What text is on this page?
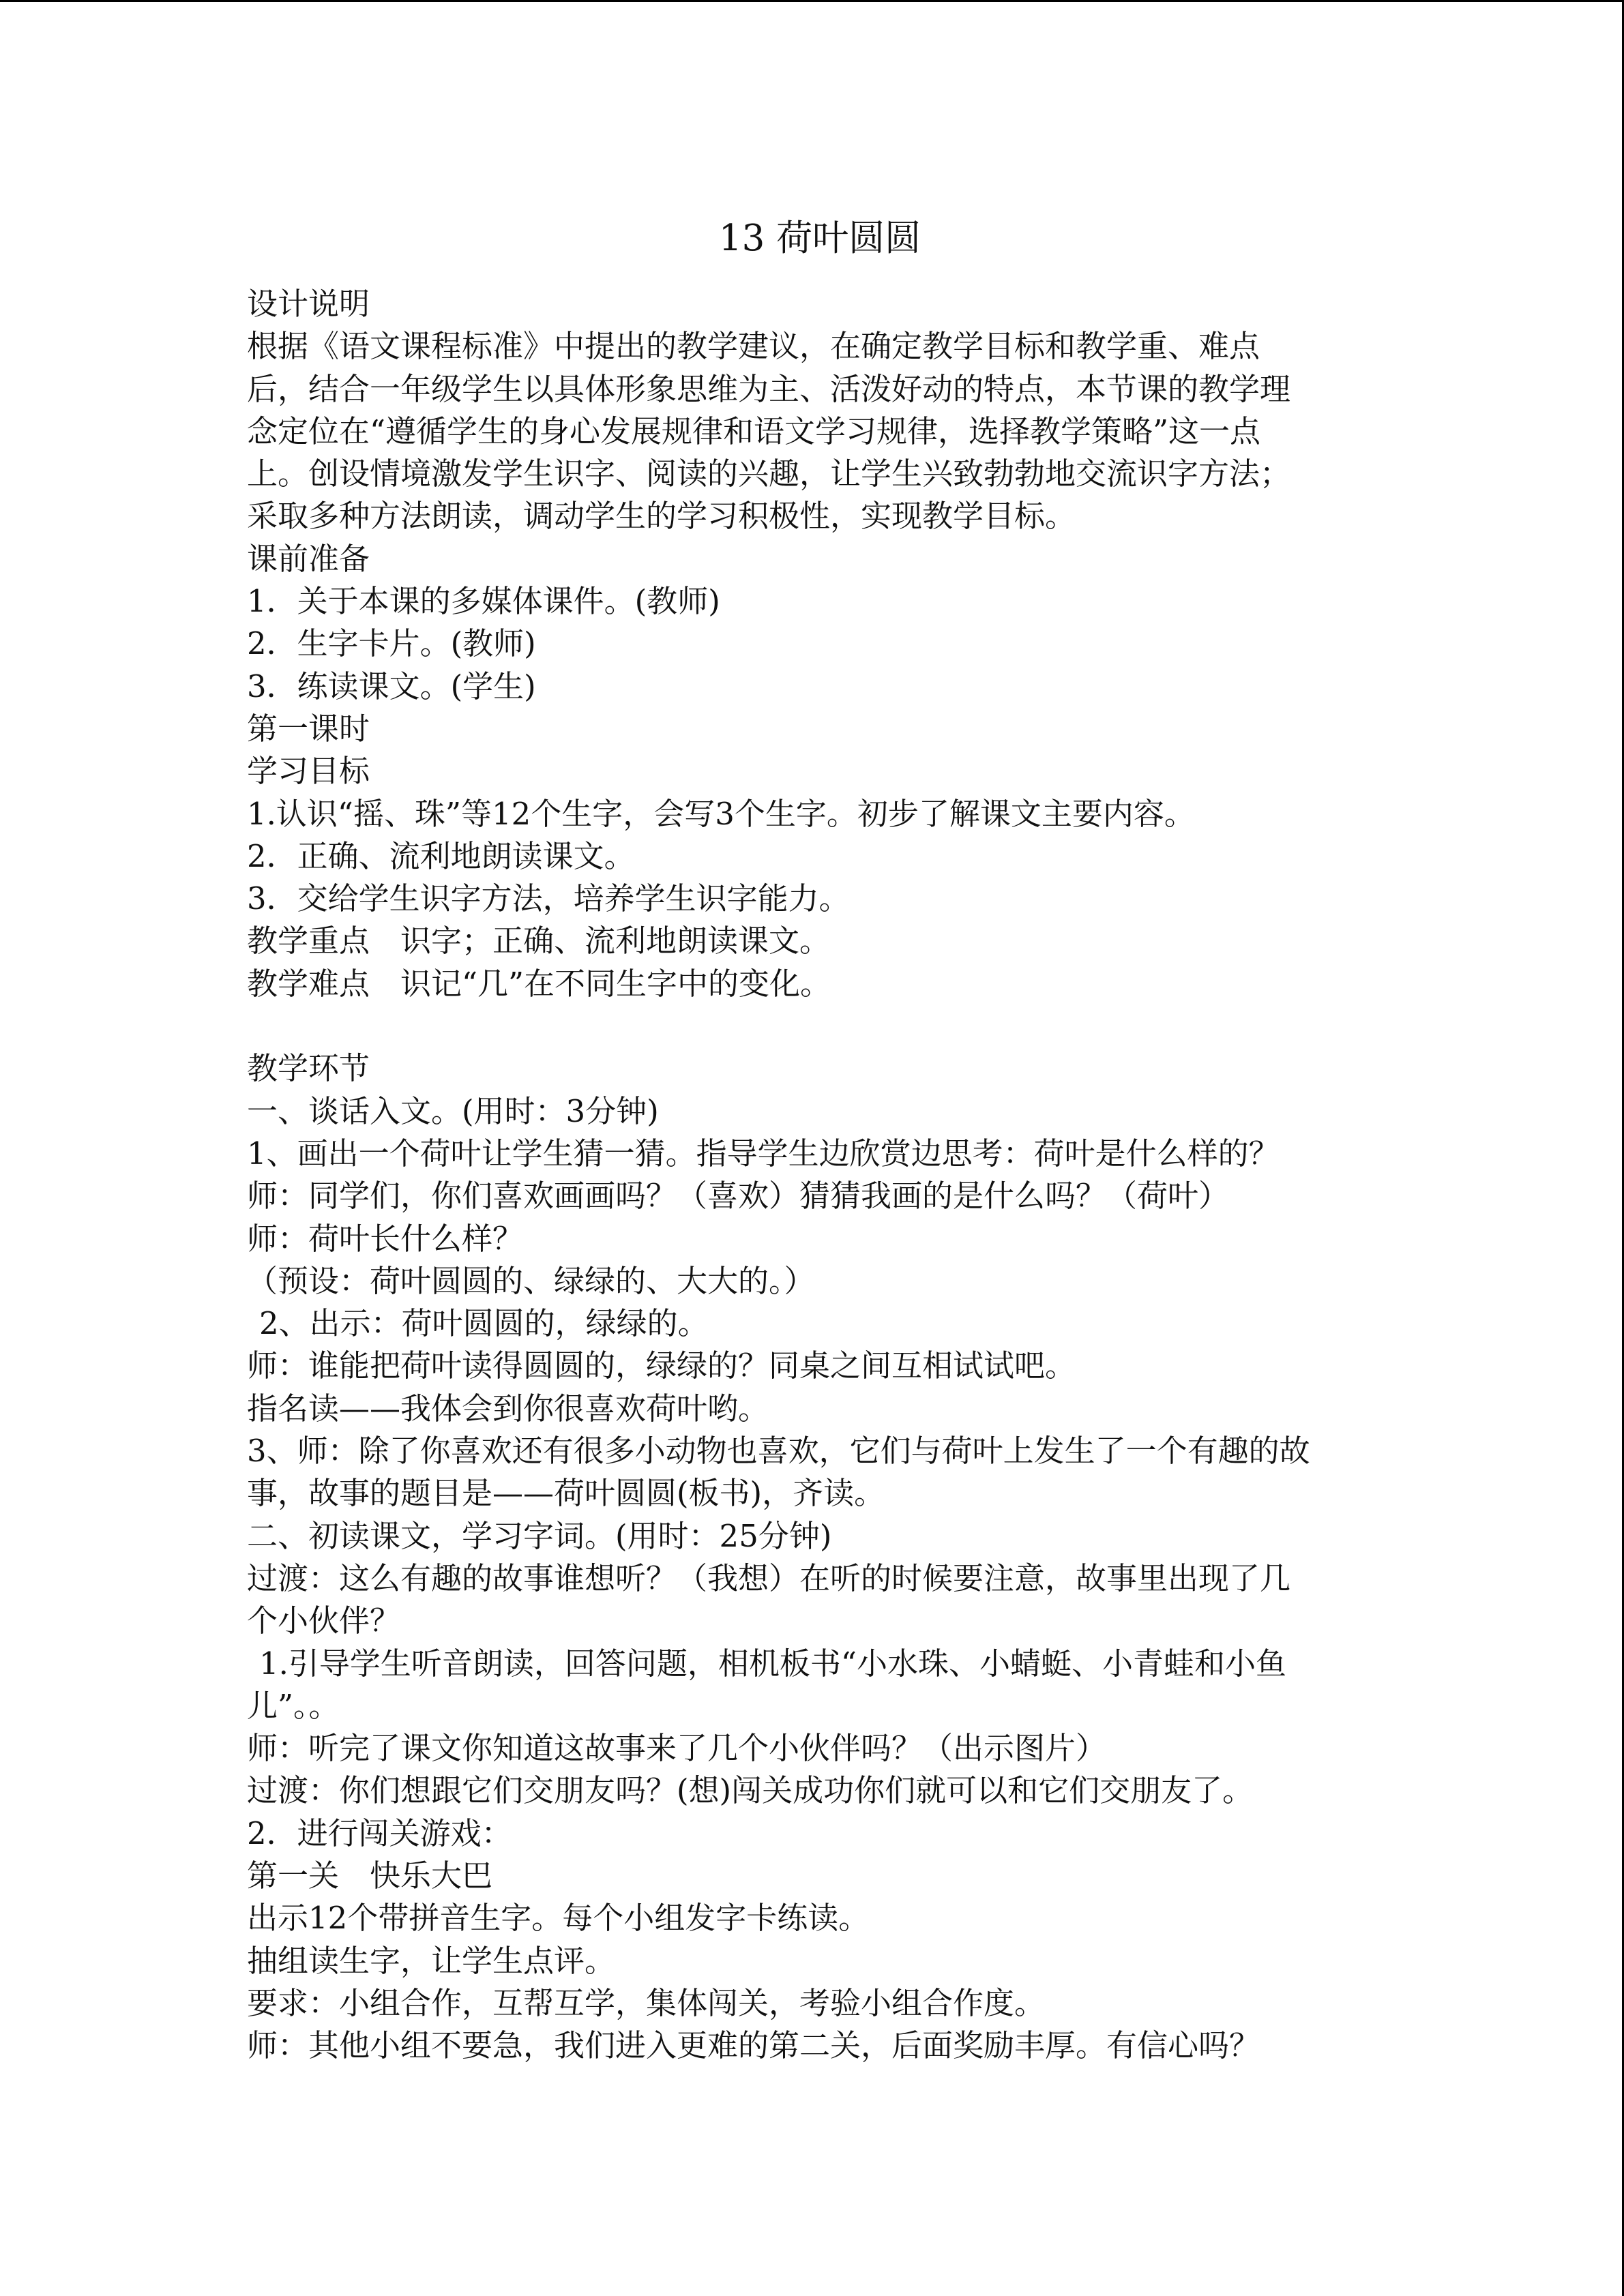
13 荷叶圆圆
设计说明
根据《语文课程标准》中提出的教学建议，在确定教学目标和教学重、难点
后，结合一年级学生以具体形象思维为主、活泼好动的特点，本节课的教学理
念定位在“遵循学生的身心发展规律和语文学习规律，选择教学策略”这一点
上。创设情境激发学生识字、阅读的兴趣，让学生兴致勃勃地交流识字方法；
采取多种方法朗读，调动学生的学习积极性，实现教学目标。
课前准备
1．关于本课的多媒体课件。(教师)
2．生字卡片。(教师)
3．练读课文。(学生)
第一课时
学习目标
1.认识“摇、珠”等12个生字，会写3个生字。初步了解课文主要内容。
2．正确、流利地朗读课文。
3．交给学生识字方法，培养学生识字能力。
教学重点　识字；正确、流利地朗读课文。
教学难点　识记“几”在不同生字中的变化。
教学环节
一、谈话入文。(用时：3分钟)
1、画出一个荷叶让学生猜一猜。指导学生边欣赏边思考：荷叶是什么样的？
师：同学们，你们喜欢画画吗？（喜欢）猜猜我画的是什么吗？（荷叶）
师：荷叶长什么样？
（预设：荷叶圆圆的、绿绿的、大大的。）
2、出示：荷叶圆圆的，绿绿的。
师：谁能把荷叶读得圆圆的，绿绿的？同桌之间互相试试吧。
指名读——我体会到你很喜欢荷叶哟。
3、师：除了你喜欢还有很多小动物也喜欢，它们与荷叶上发生了一个有趣的故
事，故事的题目是——荷叶圆圆(板书)，齐读。
二、初读课文，学习字词。(用时：25分钟)
过渡：这么有趣的故事谁想听？（我想）在听的时候要注意，故事里出现了几
个小伙伴？
1.引导学生听音朗读，回答问题，相机板书“小水珠、小蜻蜓、小青蛙和小鱼
儿”。。
师：听完了课文你知道这故事来了几个小伙伴吗？（出示图片）
过渡：你们想跟它们交朋友吗？(想)闯关成功你们就可以和它们交朋友了。
2．进行闯关游戏：
第一关　快乐大巴
出示12个带拼音生字。每个小组发字卡练读。
抽组读生字，让学生点评。
要求：小组合作，互帮互学，集体闯关，考验小组合作度。
师：其他小组不要急，我们进入更难的第二关，后面奖励丰厚。有信心吗？
